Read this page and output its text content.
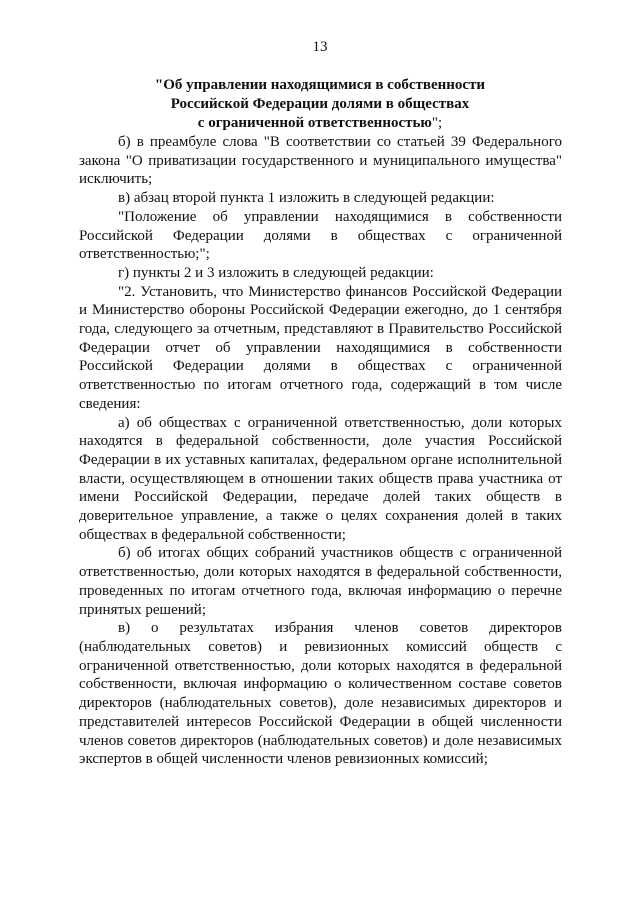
13
"Об управлении находящимися в собственности
Российской Федерации долями в обществах
с ограниченной ответственностью";

б) в преамбуле слова "В соответствии со статьей 39 Федерального закона "О приватизации государственного и муниципального имущества" исключить;

в) абзац второй пункта 1 изложить в следующей редакции:

"Положение об управлении находящимися в собственности Российской Федерации долями в обществах с ограниченной ответственностью;";

г) пункты 2 и 3 изложить в следующей редакции:

"2. Установить, что Министерство финансов Российской Федерации и Министерство обороны Российской Федерации ежегодно, до 1 сентября года, следующего за отчетным, представляют в Правительство Российской Федерации отчет об управлении находящимися в собственности Российской Федерации долями в обществах с ограниченной ответственностью по итогам отчетного года, содержащий в том числе сведения:

а) об обществах с ограниченной ответственностью, доли которых находятся в федеральной собственности, доле участия Российской Федерации в их уставных капиталах, федеральном органе исполнительной власти, осуществляющем в отношении таких обществ права участника от имени Российской Федерации, передаче долей таких обществ в доверительное управление, а также о целях сохранения долей в таких обществах в федеральной собственности;

б) об итогах общих собраний участников обществ с ограниченной ответственностью, доли которых находятся в федеральной собственности, проведенных по итогам отчетного года, включая информацию о перечне принятых решений;

в) о результатах избрания членов советов директоров (наблюдательных советов) и ревизионных комиссий обществ с ограниченной ответственностью, доли которых находятся в федеральной собственности, включая информацию о количественном составе советов директоров (наблюдательных советов), доле независимых директоров и представителей интересов Российской Федерации в общей численности членов советов директоров (наблюдательных советов) и доле независимых экспертов в общей численности членов ревизионных комиссий;
